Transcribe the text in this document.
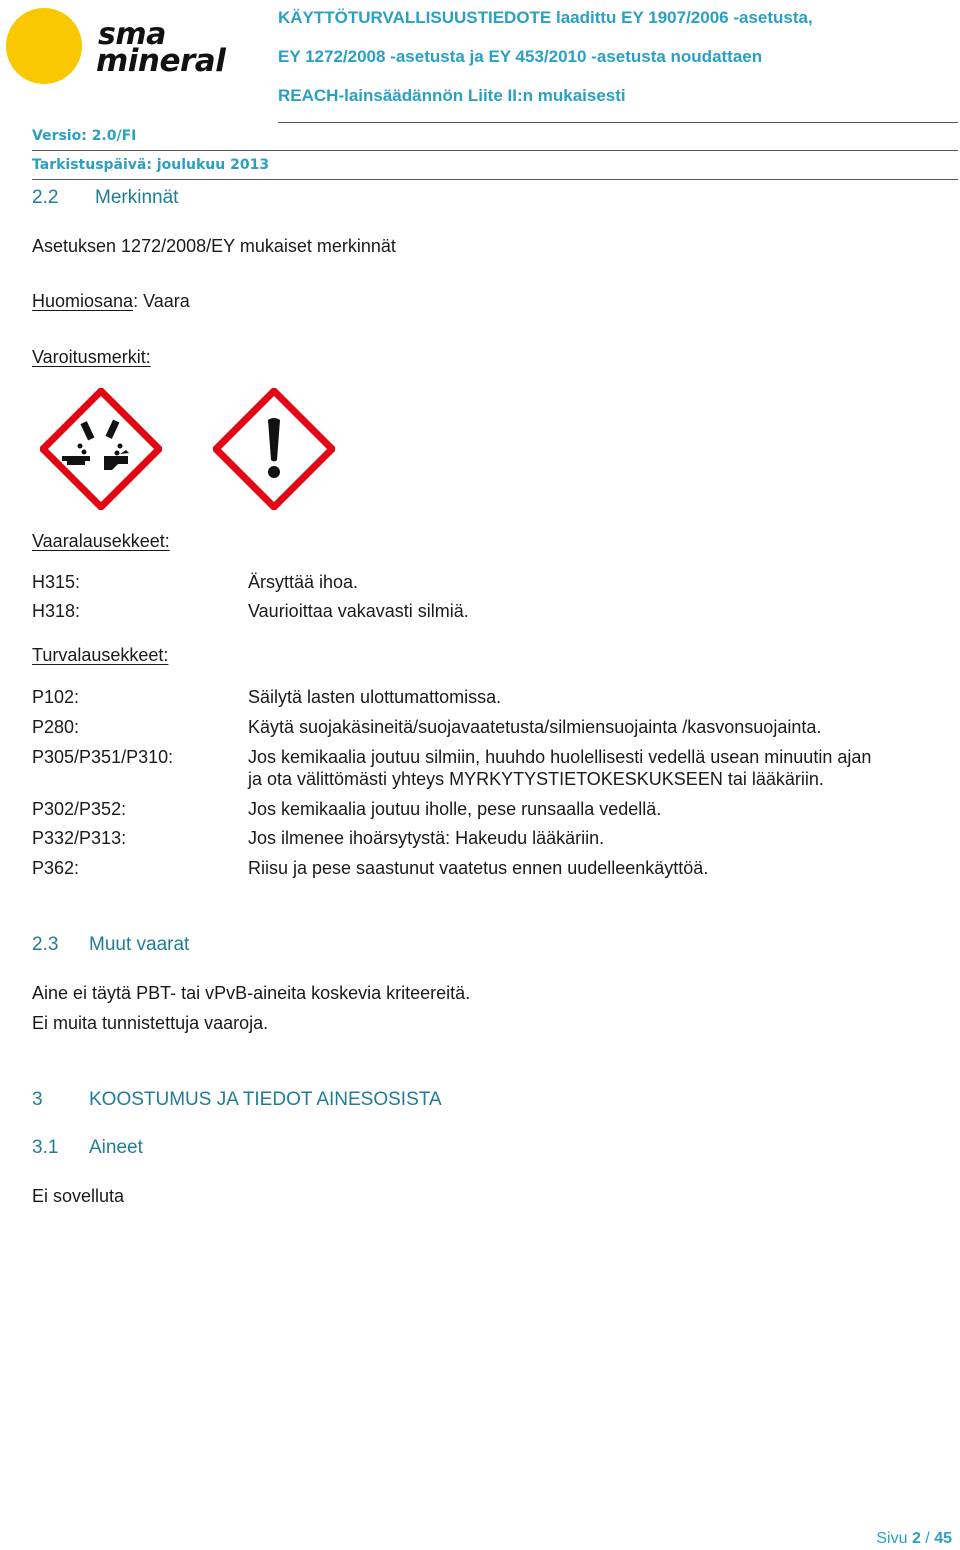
sma
mineral
KÄYTTÖTURVALLISUUSTIEDOTE laadittu EY 1907/2006 -asetusta,
EY 1272/2008 -asetusta ja EY 453/2010 -asetusta noudattaen
REACH-lainsäädännön Liite II:n mukaisesti
Versio: 2.0/FI
Tarkistuspäivä: joulukuu 2013
2.2 Merkinnät
Asetuksen 1272/2008/EY mukaiset merkinnät
Huomiosana: Vaara
Varoitusmerkit:
Vaaralausekkeet:
H315:	Ärsyttää ihoa.
H318:	Vaurioittaa vakavasti silmiä.
Turvalausekkeet:
P102:	Säilytä lasten ulottumattomissa.
P280:	Käytä suojakäsineitä/suojavaatetusta/silmiensuojainta /kasvonsuojainta.
P305/P351/P310:	Jos kemikaalia joutuu silmiin, huuhdo huolellisesti vedellä usean minuutin ajan
ja ota välittömästi yhteys MYRKYTYSTIETOKESKUKSEEN tai lääkäriin.
P302/P352:	Jos kemikaalia joutuu iholle, pese runsaalla vedellä.
P332/P313:	Jos ilmenee ihoärsytystä: Hakeudu lääkäriin.
P362:	Riisu ja pese saastunut vaatetus ennen uudelleenkäyttöä.
2.3 Muut vaarat
Aine ei täytä PBT- tai vPvB-aineita koskevia kriteereitä.
Ei muita tunnistettuja vaaroja.
3 KOOSTUMUS JA TIEDOT AINESOSISTA
3.1 Aineet
Ei sovelluta
Sivu 2 / 45
